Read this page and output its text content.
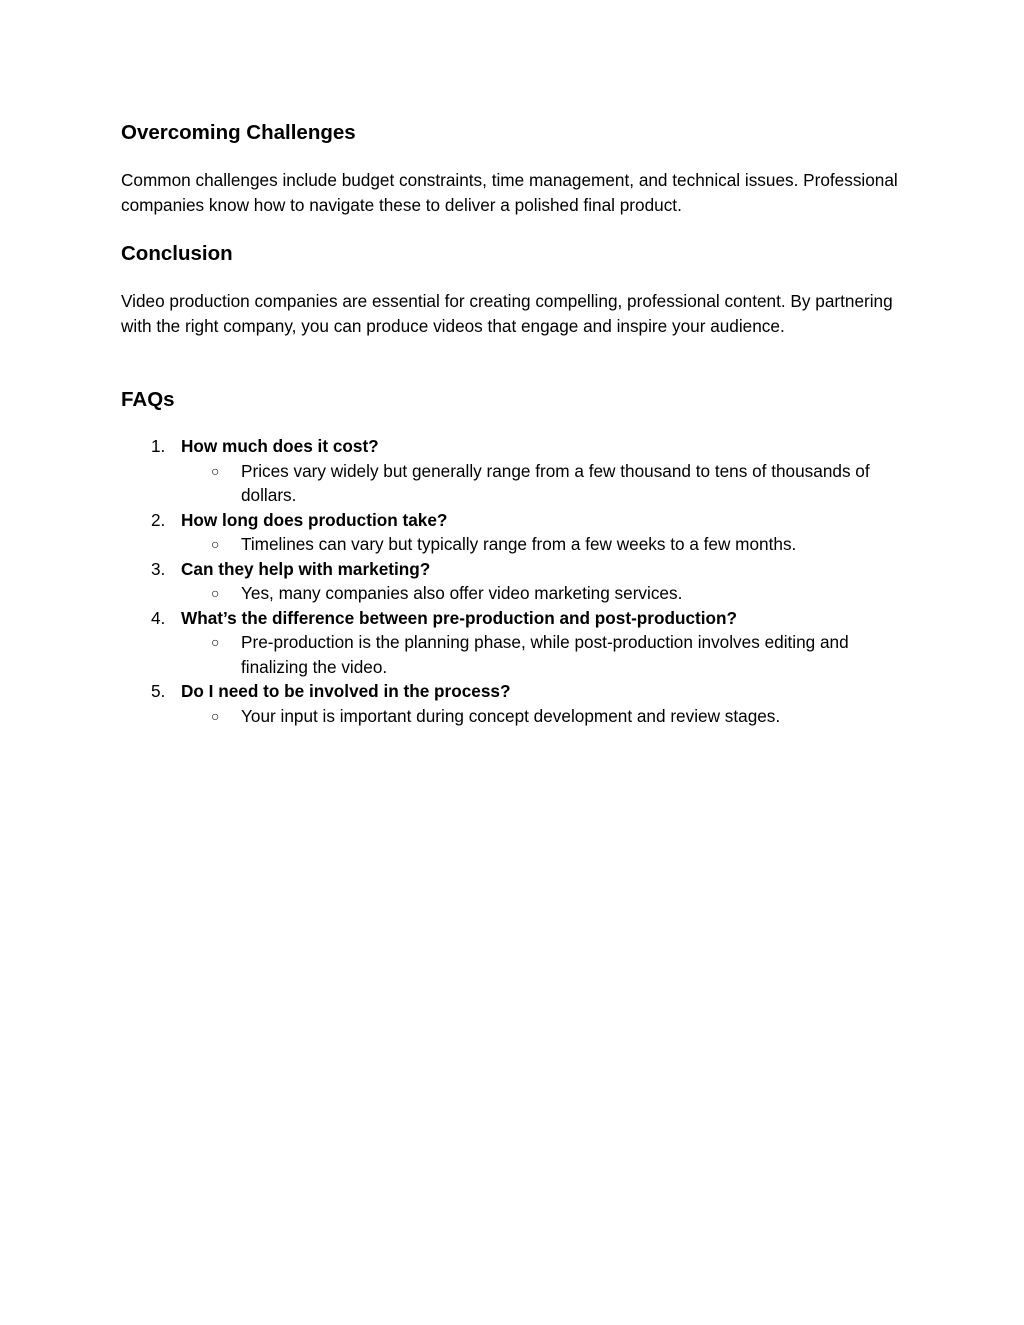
Overcoming Challenges

Common challenges include budget constraints, time management, and technical issues. Professional companies know how to navigate these to deliver a polished final product.

Conclusion

Video production companies are essential for creating compelling, professional content. By partnering with the right company, you can produce videos that engage and inspire your audience.

FAQs
1. How much does it cost?
○ Prices vary widely but generally range from a few thousand to tens of thousands of dollars.
2. How long does production take?
○ Timelines can vary but typically range from a few weeks to a few months.
3. Can they help with marketing?
○ Yes, many companies also offer video marketing services.
4. What’s the difference between pre-production and post-production?
○ Pre-production is the planning phase, while post-production involves editing and finalizing the video.
5. Do I need to be involved in the process?
○ Your input is important during concept development and review stages.
